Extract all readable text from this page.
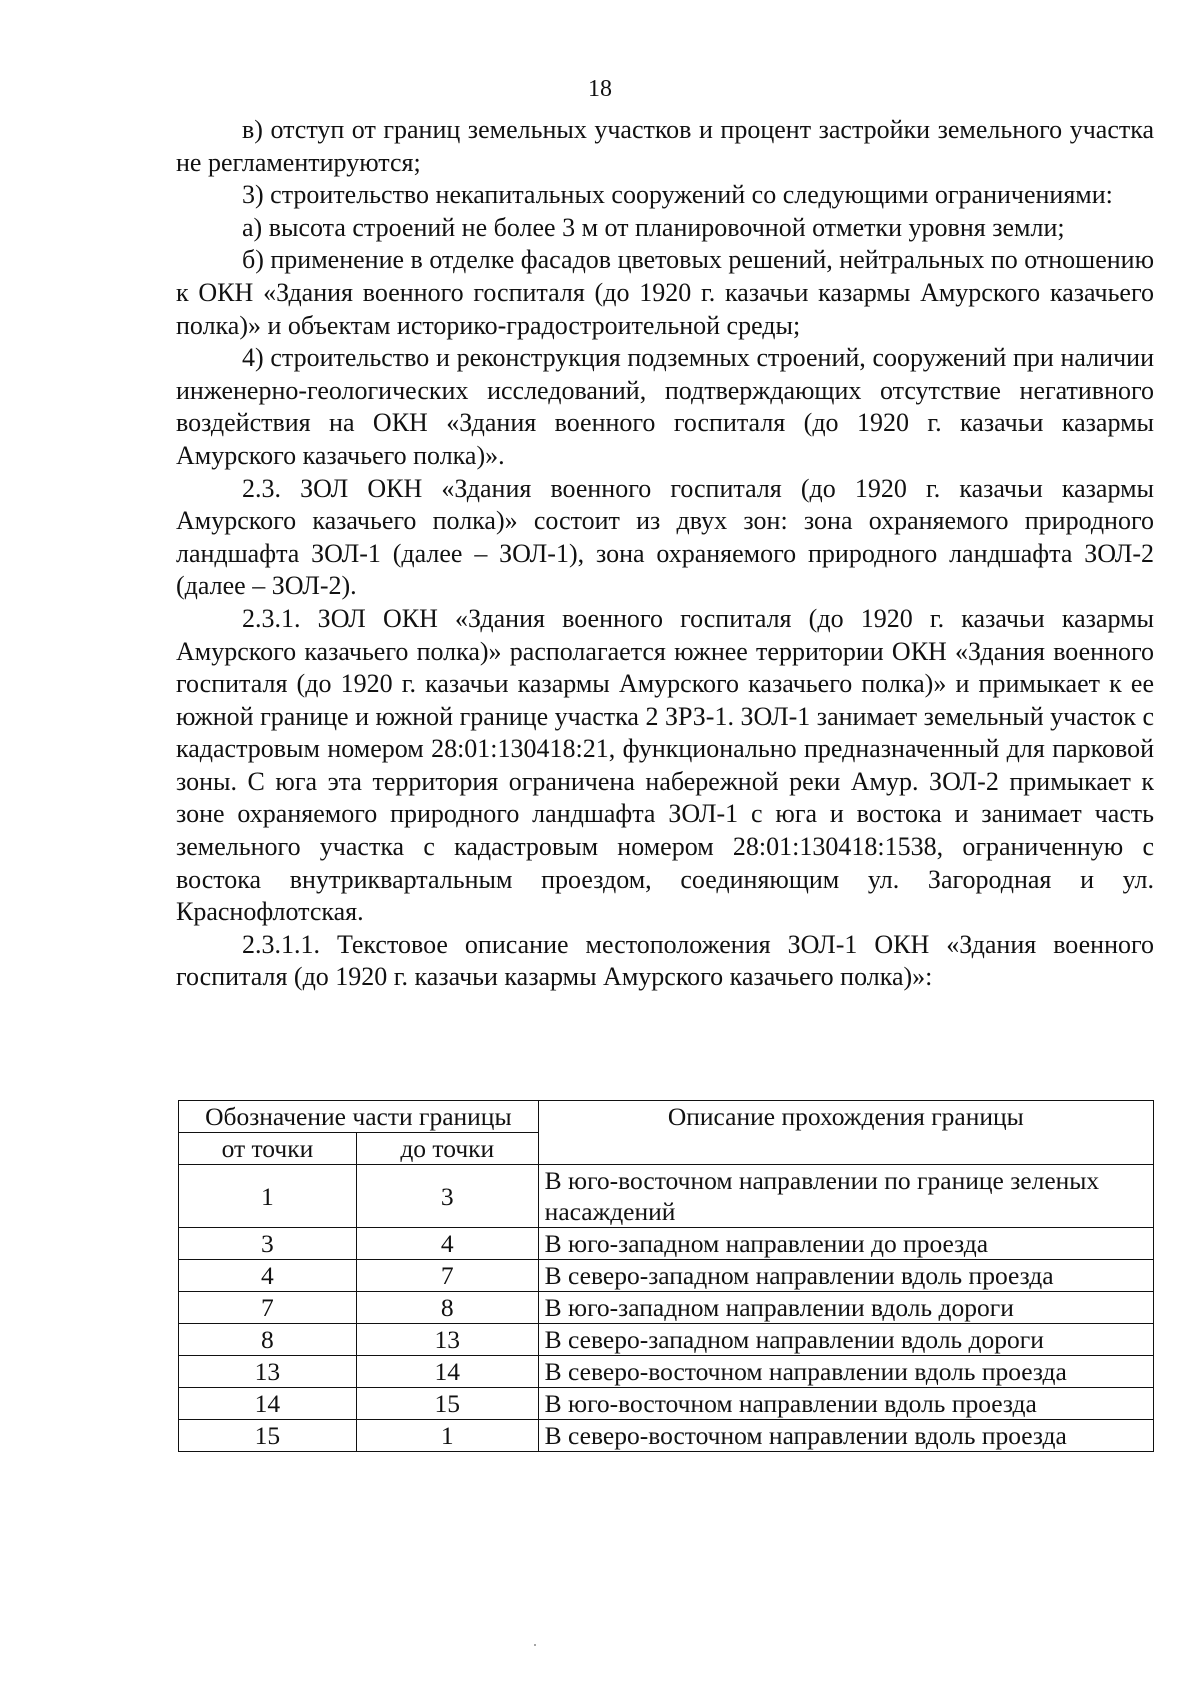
18

в) отступ от границ земельных участков и процент застройки земельного участка не регламентируются;

3) строительство некапитальных сооружений со следующими ограничениями:

а) высота строений не более 3 м от планировочной отметки уровня земли;

б) применение в отделке фасадов цветовых решений, нейтральных по отношению к ОКН «Здания военного госпиталя (до 1920 г. казачьи казармы Амурского казачьего полка)» и объектам историко-градостроительной среды;

4) строительство и реконструкция подземных строений, сооружений при наличии инженерно-геологических исследований, подтверждающих отсутствие негативного воздействия на ОКН «Здания военного госпиталя (до 1920 г. казачьи казармы Амурского казачьего полка)».

2.3. ЗОЛ ОКН «Здания военного госпиталя (до 1920 г. казачьи казармы Амурского казачьего полка)» состоит из двух зон: зона охраняемого природного ландшафта ЗОЛ-1 (далее – ЗОЛ-1), зона охраняемого природного ландшафта ЗОЛ-2 (далее – ЗОЛ-2).

2.3.1. ЗОЛ ОКН «Здания военного госпиталя (до 1920 г. казачьи казармы Амурского казачьего полка)» располагается южнее территории ОКН «Здания военного госпиталя (до 1920 г. казачьи казармы Амурского казачьего полка)» и примыкает к ее южной границе и южной границе участка 2 ЗРЗ-1. ЗОЛ-1 занимает земельный участок с кадастровым номером 28:01:130418:21, функционально предназначенный для парковой зоны. С юга эта территория ограничена набережной реки Амур. ЗОЛ-2 примыкает к зоне охраняемого природного ландшафта ЗОЛ-1 с юга и востока и занимает часть земельного участка с кадастровым номером 28:01:130418:1538, ограниченную с востока внутриквартальным проездом, соединяющим ул. Загородная и ул. Краснофлотская.

2.3.1.1. Текстовое описание местоположения ЗОЛ-1 ОКН «Здания военного госпиталя (до 1920 г. казачьи казармы Амурского казачьего полка)»:

Обозначение части границы		Описание прохождения границы
от точки	до точки	
1	3	В юго-восточном направлении по границе зеленых насаждений
3	4	В юго-западном направлении до проезда
4	7	В северо-западном направлении вдоль проезда
7	8	В юго-западном направлении вдоль дороги
8	13	В северо-западном направлении вдоль дороги
13	14	В северо-восточном направлении вдоль проезда
14	15	В юго-восточном направлении вдоль проезда
15	1	В северо-восточном направлении вдоль проезда
